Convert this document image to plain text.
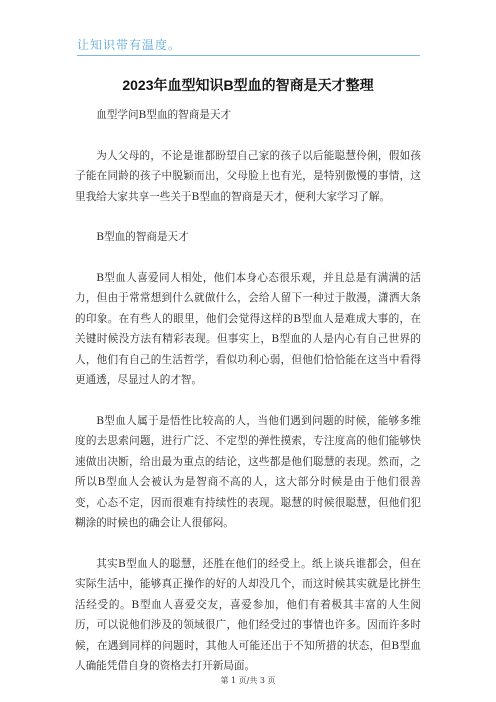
让知识带有温度。
2023年血型知识B型血的智商是天才整理

血型学问B型血的智商是天才

为人父母的，不论是谁都盼望自己家的孩子以后能聪慧伶俐，假如孩子能在同龄的孩子中脱颖而出，父母脸上也有光，是特别傲慢的事情，这里我给大家共享一些关于B型血的智商是天才，便利大家学习了解。

B型血的智商是天才

B型血人喜爱同人相处，他们本身心态很乐观，并且总是有满满的活力，但由于常常想到什么就做什么，会给人留下一种过于散漫，潇洒大条的印象。在有些人的眼里，他们会觉得这样的B型血人是难成大事的，在关键时候没方法有精彩表现。但事实上，B型血的人是内心有自己世界的人，他们有自己的生活哲学，看似功利心弱，但他们恰恰能在这当中看得更通透，尽显过人的才智。

B型血人属于是悟性比较高的人，当他们遇到问题的时候，能够多维度的去思索问题，进行广泛、不定型的弹性摸索，专注度高的他们能够快速做出决断，给出最为重点的结论，这些都是他们聪慧的表现。然而，之所以B型血人会被认为是智商不高的人，这大部分时候是由于他们很善变，心态不定，因而很难有持续性的表现。聪慧的时候很聪慧，但他们犯糊涂的时候也的确会让人很郁闷。

其实B型血人的聪慧，还胜在他们的经受上。纸上谈兵谁都会，但在实际生活中，能够真正操作的好的人却没几个，而这时候其实就是比拼生活经受的。B型血人喜爱交友，喜爱参加，他们有着极其丰富的人生阅历，可以说他们涉及的领域很广，他们经受过的事情也许多。因而许多时候，在遇到同样的问题时，其他人可能还出于不知所措的状态，但B型血人确能凭借自身的资格去打开新局面。

第 1 页/共 3 页
